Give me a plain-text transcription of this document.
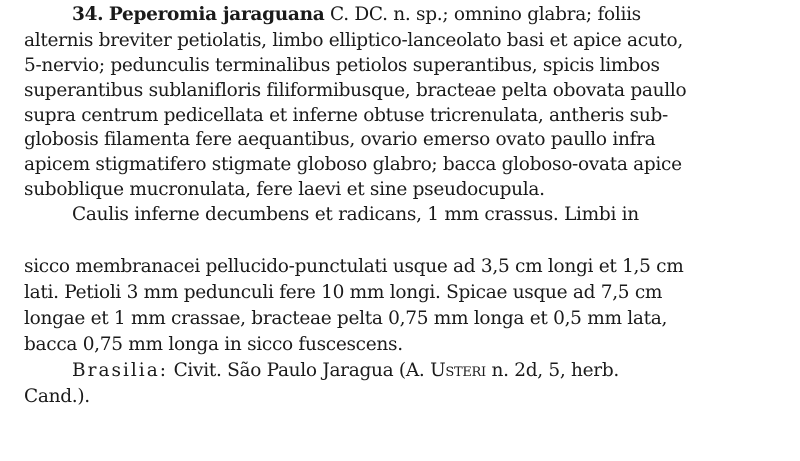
34. Peperomia jaraguana C. DC. n. sp.; omnino glabra; foliis
alternis breviter petiolatis, limbo elliptico-lanceolato basi et apice acuto,
5-nervio; pedunculis terminalibus petiolos superantibus, spicis limbos
superantibus sublanifloris filiformibusque, bracteae pelta obovata paullo
supra centrum pedicellata et inferne obtuse tricrenulata, antheris sub-
globosis filamenta fere aequantibus, ovario emerso ovato paullo infra
apicem stigmatifero stigmate globoso glabro; bacca globoso-ovata apice
suboblique mucronulata, fere laevi et sine pseudocupula.
Caulis inferne decumbens et radicans, 1 mm crassus. Limbi in
sicco membranacei pellucido-punctulati usque ad 3,5 cm longi et 1,5 cm
lati. Petioli 3 mm pedunculi fere 10 mm longi. Spicae usque ad 7,5 cm
longae et 1 mm crassae, bracteae pelta 0,75 mm longa et 0,5 mm lata,
bacca 0,75 mm longa in sicco fuscescens.
Brasilia: Civit. São Paulo Jaragua (A. Usteri n. 2d, 5, herb.
Cand.).
